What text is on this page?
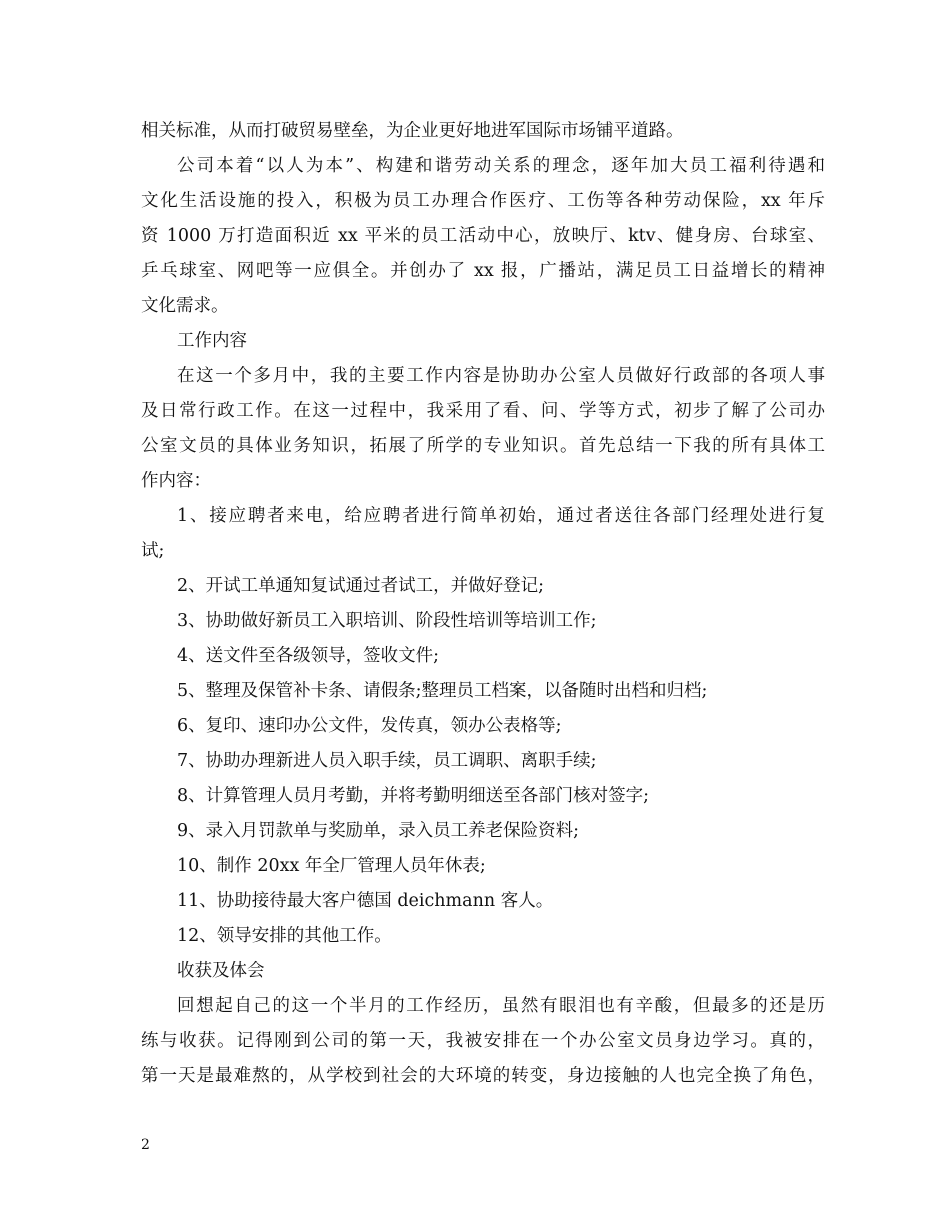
相关标准，从而打破贸易壁垒，为企业更好地进军国际市场铺平道路。
公司本着“以人为本”、构建和谐劳动关系的理念，逐年加大员工福利待遇和
文化生活设施的投入，积极为员工办理合作医疗、工伤等各种劳动保险，xx 年斥
资 1000 万打造面积近 xx 平米的员工活动中心，放映厅、ktv、健身房、台球室、
乒乓球室、网吧等一应俱全。并创办了 xx 报，广播站，满足员工日益增长的精神
文化需求。
工作内容
在这一个多月中，我的主要工作内容是协助办公室人员做好行政部的各项人事
及日常行政工作。在这一过程中，我采用了看、问、学等方式，初步了解了公司办
公室文员的具体业务知识，拓展了所学的专业知识。首先总结一下我的所有具体工
作内容：
1、接应聘者来电，给应聘者进行简单初始，通过者送往各部门经理处进行复
试;
2、开试工单通知复试通过者试工，并做好登记;
3、协助做好新员工入职培训、阶段性培训等培训工作;
4、送文件至各级领导，签收文件;
5、整理及保管补卡条、请假条;整理员工档案，以备随时出档和归档;
6、复印、速印办公文件，发传真，领办公表格等;
7、协助办理新进人员入职手续，员工调职、离职手续;
8、计算管理人员月考勤，并将考勤明细送至各部门核对签字;
9、录入月罚款单与奖励单，录入员工养老保险资料;
10、制作 20xx 年全厂管理人员年休表;
11、协助接待最大客户德国 deichmann 客人。
12、领导安排的其他工作。
收获及体会
回想起自己的这一个半月的工作经历，虽然有眼泪也有辛酸，但最多的还是历
练与收获。记得刚到公司的第一天，我被安排在一个办公室文员身边学习。真的，
第一天是最难熬的，从学校到社会的大环境的转变，身边接触的人也完全换了角色，
2
